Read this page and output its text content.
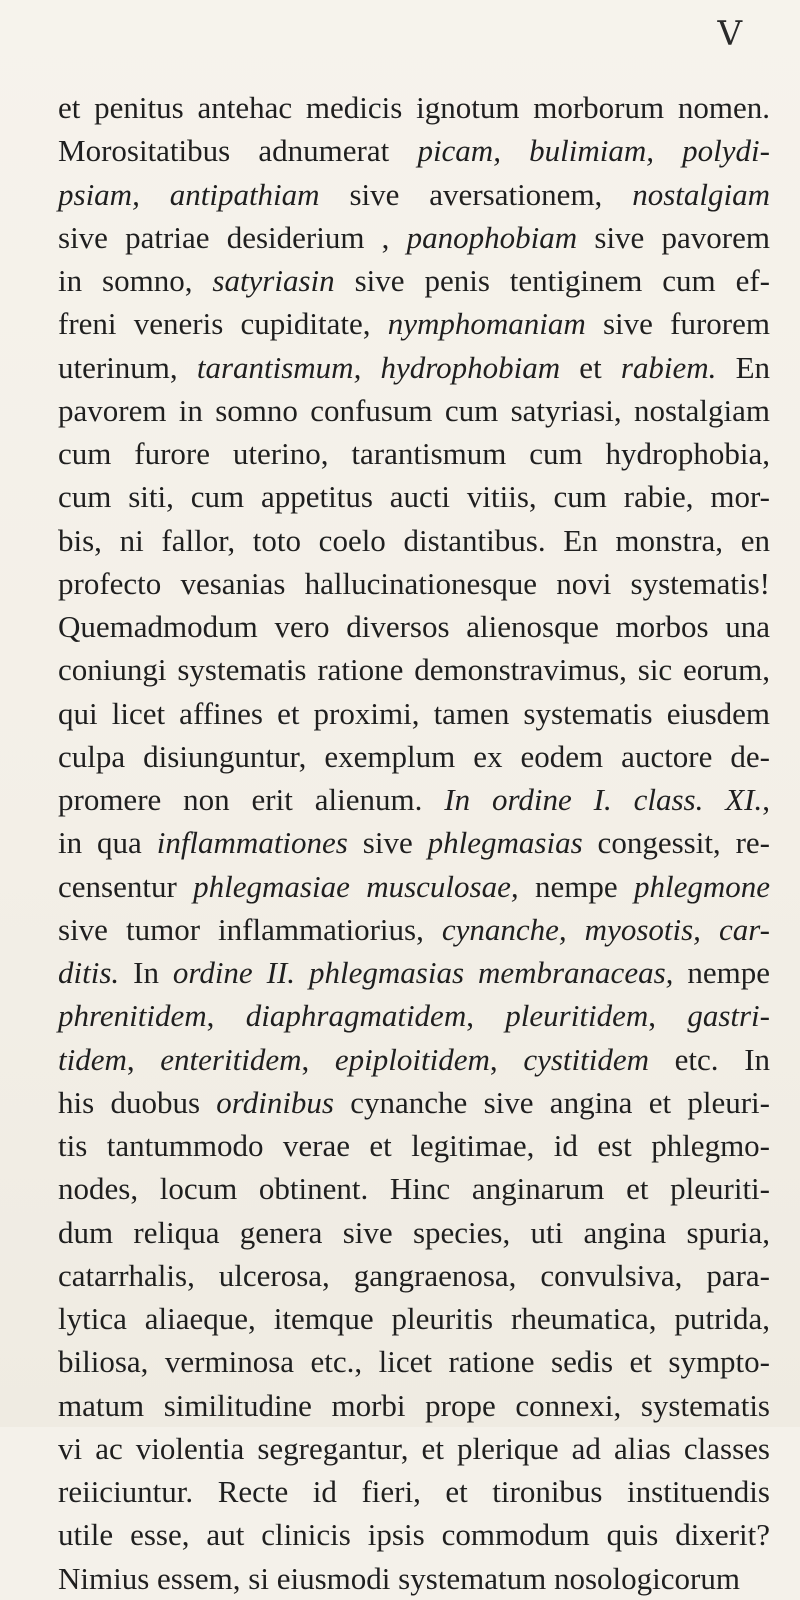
V
et penitus antehac medicis ignotum morborum nomen.
Morositatibus adnumerat picam, bulimiam, polydi-
psiam, antipathiam sive aversationem, nostalgiam
sive patriae desiderium , panophobiam sive pavorem
in somno, satyriasin sive penis tentiginem cum ef-
freni veneris cupiditate, nymphomaniam sive furorem
uterinum, tarantismum, hydrophobiam et rabiem. En
pavorem in somno confusum cum satyriasi, nostalgiam
cum furore uterino, tarantismum cum hydrophobia,
cum siti, cum appetitus aucti vitiis, cum rabie, mor-
bis, ni fallor, toto coelo distantibus. En monstra, en
profecto vesanias hallucinationesque novi systematis!
Quemadmodum vero diversos alienosque morbos una
coniungi systematis ratione demonstravimus, sic eorum,
qui licet affines et proximi, tamen systematis eiusdem
culpa disiunguntur, exemplum ex eodem auctore de-
promere non erit alienum. In ordine I. class. XI.,
in qua inflammationes sive phlegmasias congessit, re-
censentur phlegmasiae musculosae, nempe phlegmone
sive tumor inflammatiorius, cynanche, myosotis, car-
ditis. In ordine II. phlegmasias membranaceas, nempe
phrenitidem, diaphragmatidem, pleuritidem, gastri-
tidem, enteritidem, epiploitidem, cystitidem etc. In
his duobus ordinibus cynanche sive angina et pleuri-
tis tantummodo verae et legitimae, id est phlegmo-
nodes, locum obtinent. Hinc anginarum et pleuriti-
dum reliqua genera sive species, uti angina spuria,
catarrhalis, ulcerosa, gangraenosa, convulsiva, para-
lytica aliaeque, itemque pleuritis rheumatica, putrida,
biliosa, verminosa etc., licet ratione sedis et sympto-
matum similitudine morbi prope connexi, systematis
vi ac violentia segregantur, et plerique ad alias classes
reiiciuntur. Recte id fieri, et tironibus instituendis
utile esse, aut clinicis ipsis commodum quis dixerit?
Nimius essem, si eiusmodi systematum nosologicorum
